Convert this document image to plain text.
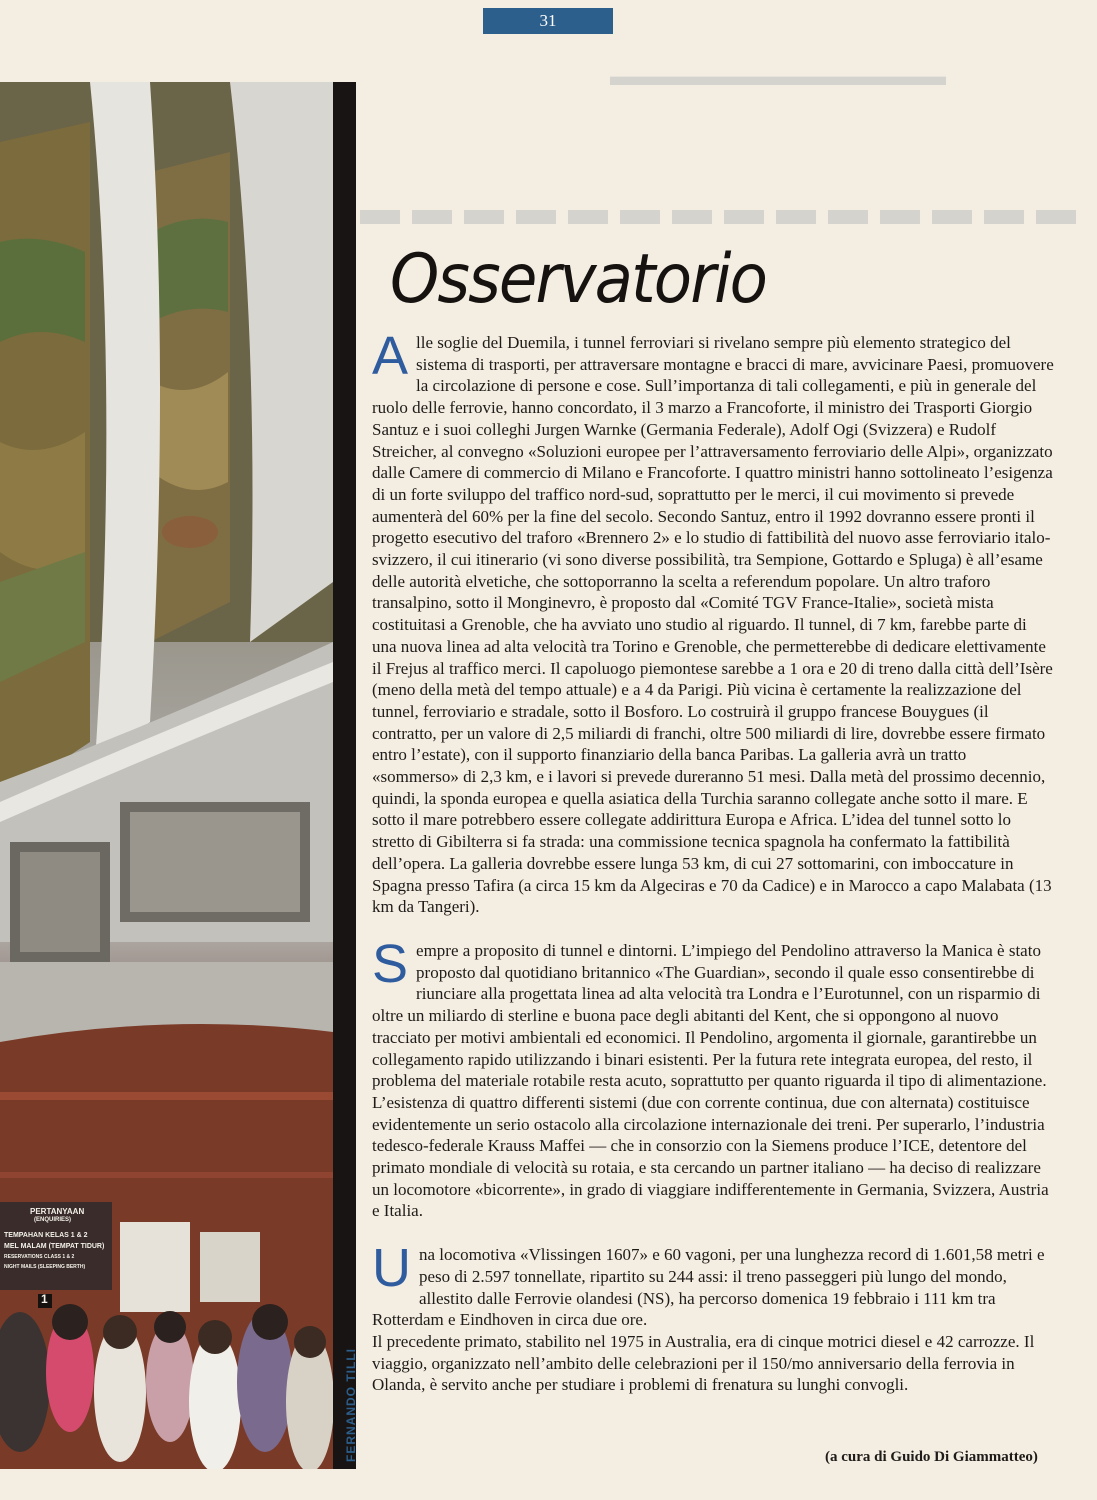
31
▬▬▬▬▬▬▬▬▬▬▬▬
PERTANYAAN
(ENQUIRIES)
TEMPAHAN KELAS 1 & 2
MEL MALAM (TEMPAT TIDUR)
RESERVATIONS CLASS 1 & 2
NIGHT MAILS (SLEEPING BERTH)
1
FERNANDO TILLI
Osservatorio
A lle soglie del Duemila, i tunnel ferroviari si rivelano sempre più elemento strategico del sistema di trasporti, per attraversare montagne e bracci di mare, avvicinare Paesi, promuovere la circolazione di persone e cose. Sull’importanza di tali collegamenti, e più in generale del ruolo delle ferrovie, hanno concordato, il 3 marzo a Francoforte, il ministro dei Trasporti Giorgio Santuz e i suoi colleghi Jurgen Warnke (Germania Federale), Adolf Ogi (Svizzera) e Rudolf Streicher, al convegno «Soluzioni europee per l’attraversamento ferroviario delle Alpi», organizzato dalle Camere di commercio di Milano e Francoforte. I quattro ministri hanno sottolineato l’esigenza di un forte sviluppo del traffico nord-sud, soprattutto per le merci, il cui movimento si prevede aumenterà del 60% per la fine del secolo. Secondo Santuz, entro il 1992 dovranno essere pronti il progetto esecutivo del traforo «Brennero 2» e lo studio di fattibilità del nuovo asse ferroviario italo-svizzero, il cui itinerario (vi sono diverse possibilità, tra Sempione, Gottardo e Spluga) è all’esame delle autorità elvetiche, che sottoporranno la scelta a referendum popolare. Un altro traforo transalpino, sotto il Monginevro, è proposto dal «Comité TGV France-Italie», società mista costituitasi a Grenoble, che ha avviato uno studio al riguardo. Il tunnel, di 7 km, farebbe parte di una nuova linea ad alta velocità tra Torino e Grenoble, che permetterebbe di dedicare elettivamente il Frejus al traffico merci. Il capoluogo piemontese sarebbe a 1 ora e 20 di treno dalla città dell’Isère (meno della metà del tempo attuale) e a 4 da Parigi. Più vicina è certamente la realizzazione del tunnel, ferroviario e stradale, sotto il Bosforo. Lo costruirà il gruppo francese Bouygues (il contratto, per un valore di 2,5 miliardi di franchi, oltre 500 miliardi di lire, dovrebbe essere firmato entro l’estate), con il supporto finanziario della banca Paribas. La galleria avrà un tratto «sommerso» di 2,3 km, e i lavori si prevede dureranno 51 mesi. Dalla metà del prossimo decennio, quindi, la sponda europea e quella asiatica della Turchia saranno collegate anche sotto il mare. E sotto il mare potrebbero essere collegate addirittura Europa e Africa. L’idea del tunnel sotto lo stretto di Gibilterra si fa strada: una commissione tecnica spagnola ha confermato la fattibilità dell’opera. La galleria dovrebbe essere lunga 53 km, di cui 27 sottomarini, con imboccature in Spagna presso Tafira (a circa 15 km da Algeciras e 70 da Cadice) e in Marocco a capo Malabata (13 km da Tangeri).

S empre a proposito di tunnel e dintorni. L’impiego del Pendolino attraverso la Manica è stato proposto dal quotidiano britannico «The Guardian», secondo il quale esso consentirebbe di riunciare alla progettata linea ad alta velocità tra Londra e l’Eurotunnel, con un risparmio di oltre un miliardo di sterline e buona pace degli abitanti del Kent, che si oppongono al nuovo tracciato per motivi ambientali ed economici. Il Pendolino, argomenta il giornale, garantirebbe un collegamento rapido utilizzando i binari esistenti. Per la futura rete integrata europea, del resto, il problema del materiale rotabile resta acuto, soprattutto per quanto riguarda il tipo di alimentazione.

L’esistenza di quattro differenti sistemi (due con corrente continua, due con alternata) costituisce evidentemente un serio ostacolo alla circolazione internazionale dei treni. Per superarlo, l’industria tedesco-federale Krauss Maffei — che in consorzio con la Siemens produce l’ICE, detentore del primato mondiale di velocità su rotaia, e sta cercando un partner italiano — ha deciso di realizzare un locomotore «bicorrente», in grado di viaggiare indifferentemente in Germania, Svizzera, Austria e Italia.

U na locomotiva «Vlissingen 1607» e 60 vagoni, per una lunghezza record di 1.601,58 metri e peso di 2.597 tonnellate, ripartito su 244 assi: il treno passeggeri più lungo del mondo, allestito dalle Ferrovie olandesi (NS), ha percorso domenica 19 febbraio i 111 km tra Rotterdam e Eindhoven in circa due ore.

Il precedente primato, stabilito nel 1975 in Australia, era di cinque motrici diesel e 42 carrozze. Il viaggio, organizzato nell’ambito delle celebrazioni per il 150/mo anniversario della ferrovia in Olanda, è servito anche per studiare i problemi di frenatura su lunghi convogli.

(a cura di Guido Di Giammatteo)
